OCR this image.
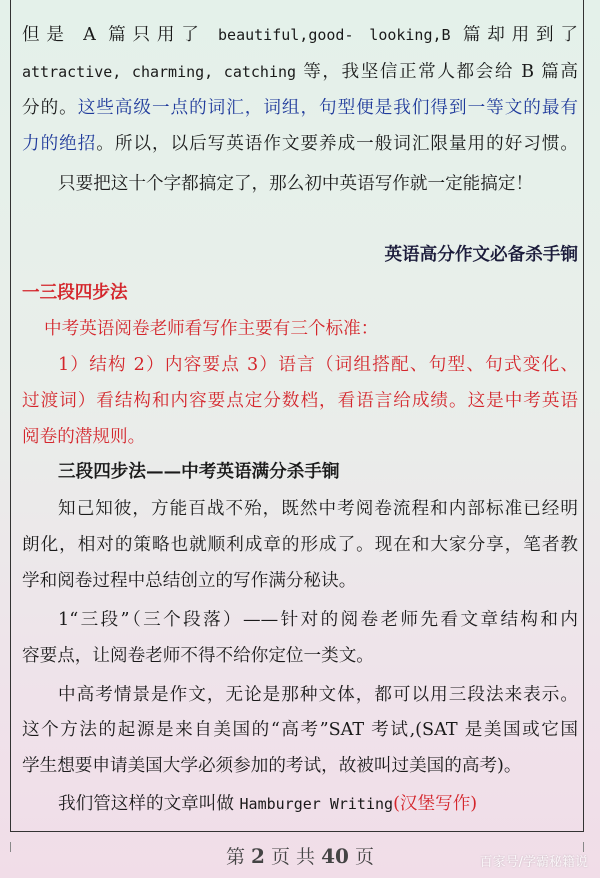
但是 A 篇只用了 beautiful,good- looking,B 篇却用到了
attractive, charming, catching 等，我坚信正常人都会给 B 篇高
分的。这些高级一点的词汇，词组，句型便是我们得到一等文的最有
力的绝招。所以，以后写英语作文要养成一般词汇限量用的好习惯。
只要把这十个字都搞定了，那么初中英语写作就一定能搞定！
英语高分作文必备杀手锏
一三段四步法
中考英语阅卷老师看写作主要有三个标准：
1）结构 2）内容要点 3）语言（词组搭配、句型、句式变化、
过渡词）看结构和内容要点定分数档，看语言给成绩。这是中考英语
阅卷的潜规则。
三段四步法——中考英语满分杀手锏
知己知彼，方能百战不殆，既然中考阅卷流程和内部标准已经明
朗化，相对的策略也就顺利成章的形成了。现在和大家分享，笔者教
学和阅卷过程中总结创立的写作满分秘诀。
1“三段”（三个段落）——针对的阅卷老师先看文章结构和内
容要点，让阅卷老师不得不给你定位一类文。
中高考情景是作文，无论是那种文体，都可以用三段法来表示。
这个方法的起源是来自美国的“高考”SAT 考试,(SAT 是美国或它国
学生想要申请美国大学必须参加的考试，故被叫过美国的高考)。
我们管这样的文章叫做 Hamburger Writing(汉堡写作)
第 2 页 共 40 页	百家号/学霸秘籍说
